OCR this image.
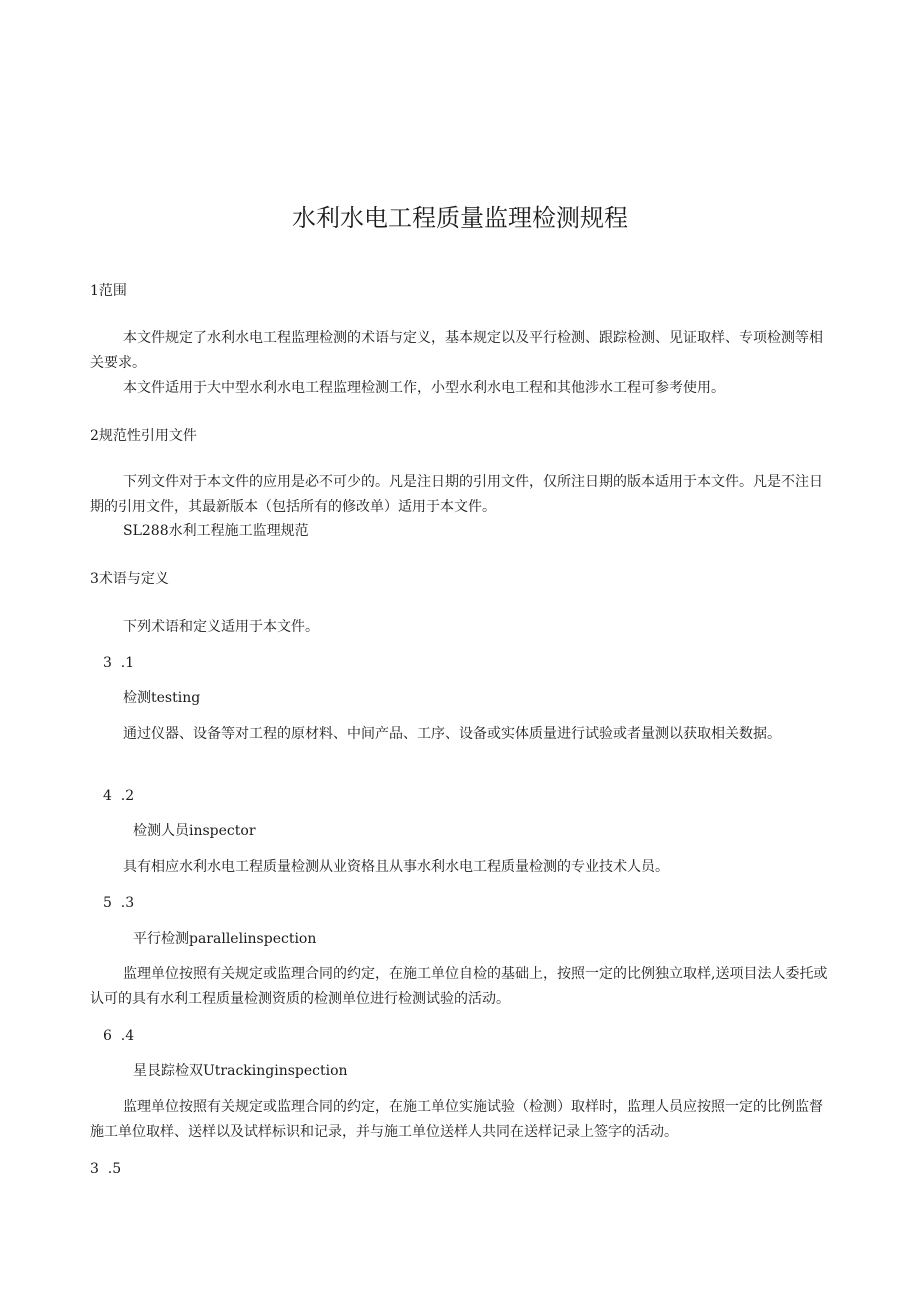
水利水电工程质量监理检测规程
1范围

本文件规定了水利水电工程监理检测的术语与定义，基本规定以及平行检测、跟踪检测、见证取样、专项检测等相关要求。

本文件适用于大中型水利水电工程监理检测工作，小型水利水电工程和其他涉水工程可参考使用。

2规范性引用文件

下列文件对于本文件的应用是必不可少的。凡是注日期的引用文件，仅所注日期的版本适用于本文件。凡是不注日期的引用文件，其最新版本（包括所有的修改单）适用于本文件。

SL288水利工程施工监理规范

3术语与定义

下列术语和定义适用于本文件。

3  .1
检测testing

通过仪器、设备等对工程的原材料、中间产品、工序、设备或实体质量进行试验或者量测以获取相关数据。

4  .2
检测人员inspector

具有相应水利水电工程质量检测从业资格且从事水利水电工程质量检测的专业技术人员。

5  .3
平行检测parallelinspection

监理单位按照有关规定或监理合同的约定，在施工单位自检的基础上，按照一定的比例独立取样,送项目法人委托或认可的具有水利工程质量检测资质的检测单位进行检测试验的活动。

6  .4
星艮踪检双Utrackinginspection

监理单位按照有关规定或监理合同的约定，在施工单位实施试验（检测）取样时，监理人员应按照一定的比例监督施工单位取样、送样以及试样标识和记录，并与施工单位送样人共同在送样记录上签字的活动。

3  .5
